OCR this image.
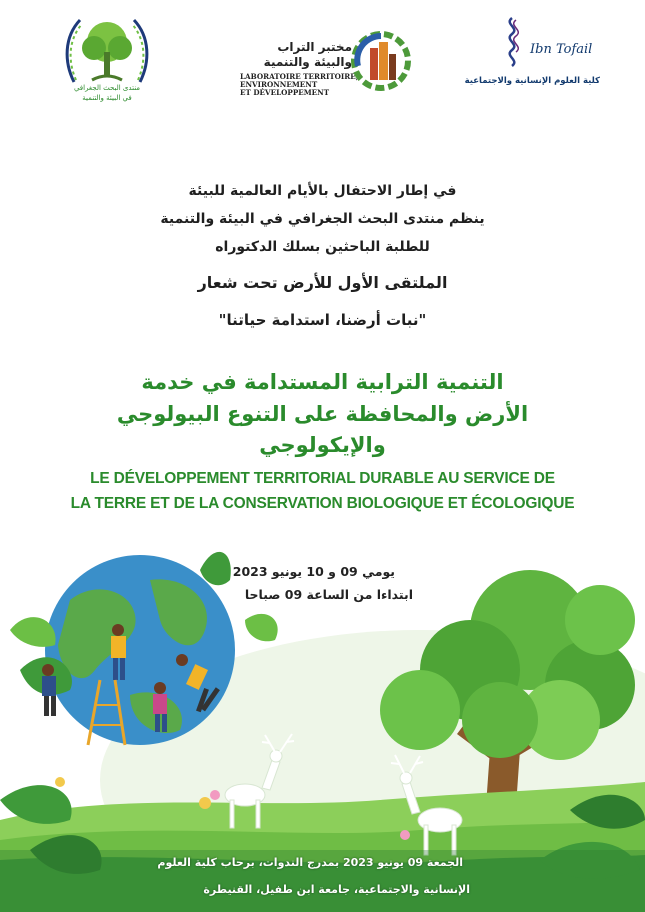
منتدى البحث الجغرافي
في البيئة والتنمية
مختبر التراب
والبيئة والتنمية
LABORATOIRE TERRITOIRE,
ENVIRONNEMENT
ET DÉVELOPPEMENT
Ibn Tofail
كلية العلوم الإنسانية والاجتماعية
في إطار الاحتفال بالأيام العالمية للبيئة
ينظم منتدى البحث الجغرافي في البيئة والتنمية
للطلبة الباحثين بسلك الدكتوراه
الملتقى الأول للأرض تحت شعار
"نبات أرضنا، استدامة حياتنا"
التنمية الترابية المستدامة في خدمة
الأرض والمحافظة على التنوع البيولوجي
والإيكولوجي
LE DÉVELOPPEMENT TERRITORIAL DURABLE AU SERVICE DE
LA TERRE ET DE LA CONSERVATION BIOLOGIQUE ET ÉCOLOGIQUE
يومي 09 و 10 يونيو 2023
ابتداءا من الساعة 09 صباحا
الجمعة 09 يونيو 2023 بمدرج الندوات، برحاب كلية العلوم
الإنسانية والاجتماعية، جامعة ابن طفيل، القنيطرة
